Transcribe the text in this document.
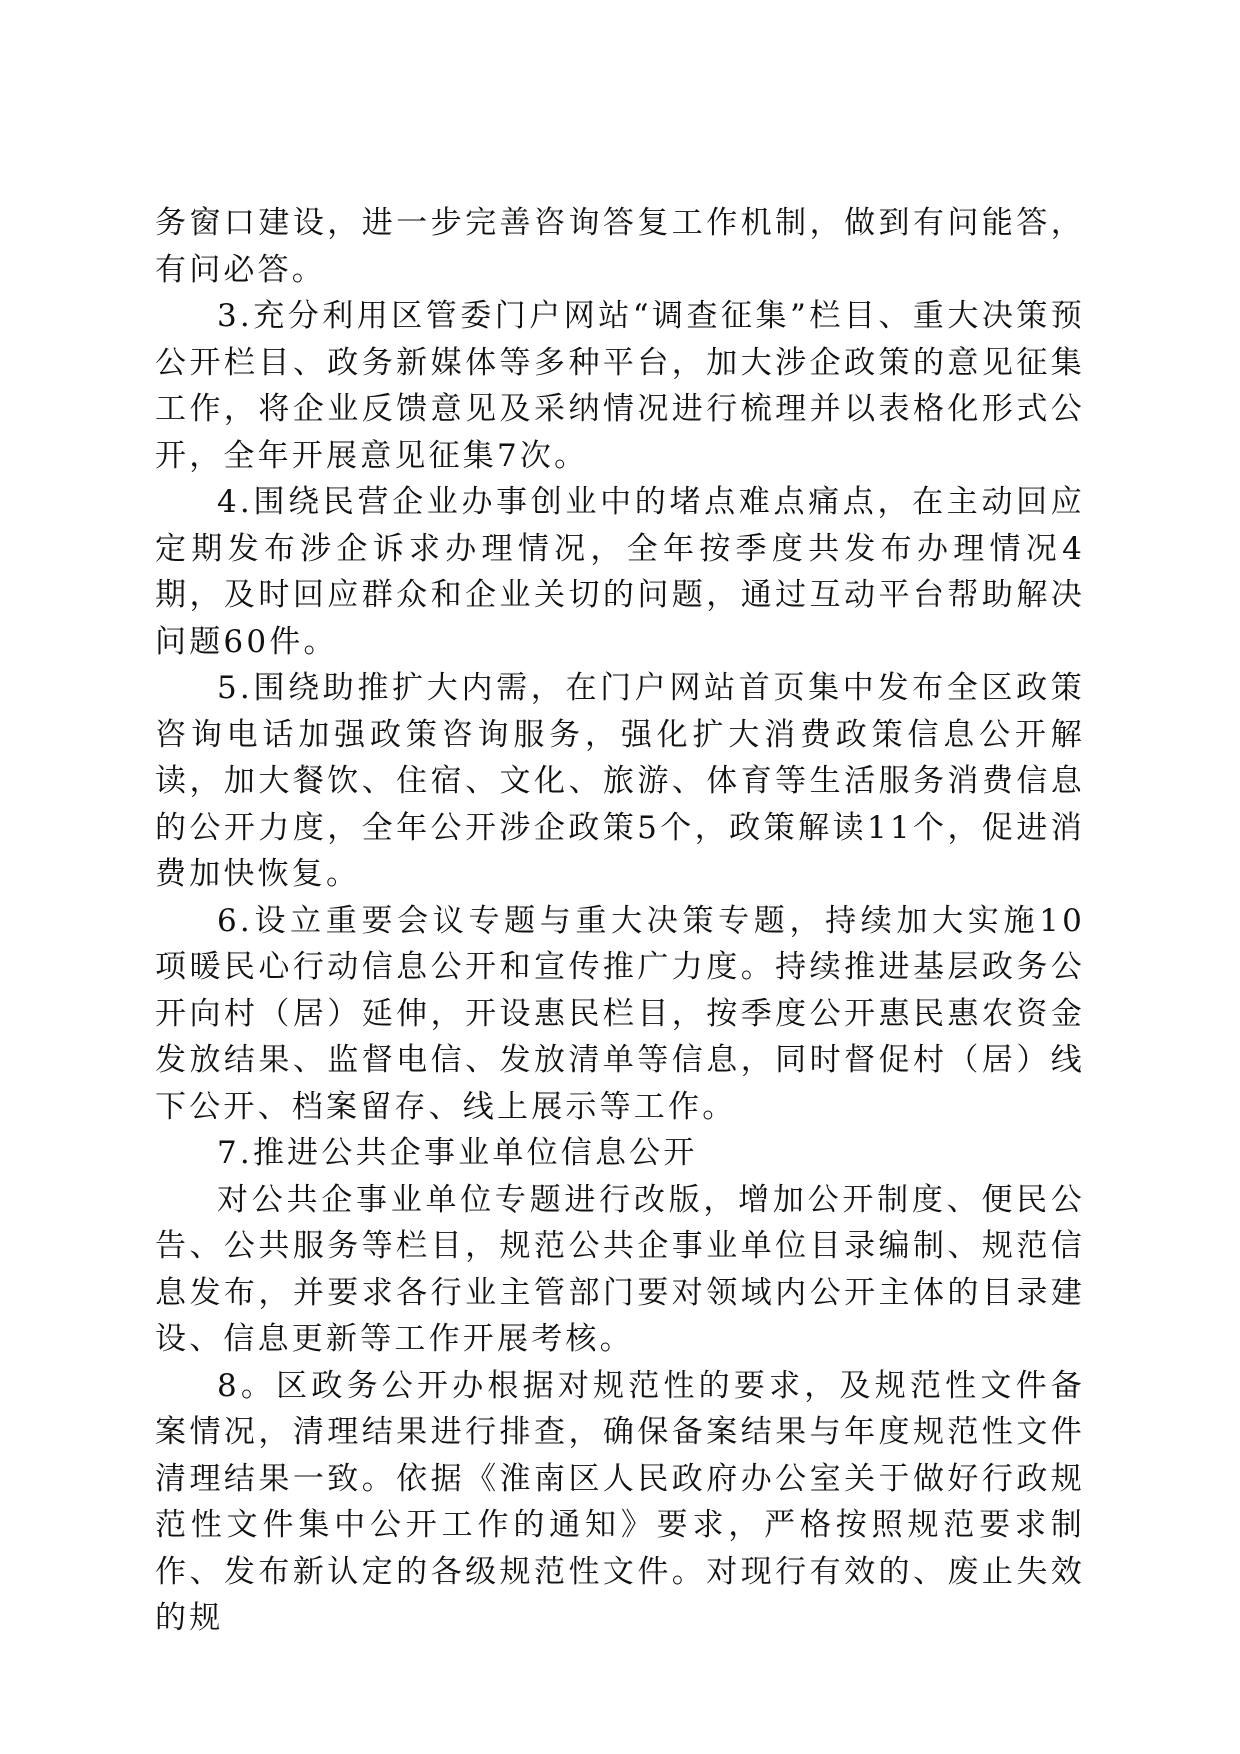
务窗口建设，进一步完善咨询答复工作机制，做到有问能答，有问必答。

3.充分利用区管委门户网站“调查征集”栏目、重大决策预公开栏目、政务新媒体等多种平台，加大涉企政策的意见征集工作，将企业反馈意见及采纳情况进行梳理并以表格化形式公开，全年开展意见征集7次。

4.围绕民营企业办事创业中的堵点难点痛点，在主动回应定期发布涉企诉求办理情况，全年按季度共发布办理情况4期，及时回应群众和企业关切的问题，通过互动平台帮助解决问题60件。

5.围绕助推扩大内需，在门户网站首页集中发布全区政策咨询电话加强政策咨询服务，强化扩大消费政策信息公开解读，加大餐饮、住宿、文化、旅游、体育等生活服务消费信息的公开力度，全年公开涉企政策5个，政策解读11个，促进消费加快恢复。

6.设立重要会议专题与重大决策专题，持续加大实施10项暖民心行动信息公开和宣传推广力度。持续推进基层政务公开向村（居）延伸，开设惠民栏目，按季度公开惠民惠农资金发放结果、监督电信、发放清单等信息，同时督促村（居）线下公开、档案留存、线上展示等工作。

7.推进公共企事业单位信息公开

对公共企事业单位专题进行改版，增加公开制度、便民公告、公共服务等栏目，规范公共企事业单位目录编制、规范信息发布，并要求各行业主管部门要对领域内公开主体的目录建设、信息更新等工作开展考核。

8。区政务公开办根据对规范性的要求，及规范性文件备案情况，清理结果进行排查，确保备案结果与年度规范性文件清理结果一致。依据《淮南区人民政府办公室关于做好行政规范性文件集中公开工作的通知》要求，严格按照规范要求制作、发布新认定的各级规范性文件。对现行有效的、废止失效的规
